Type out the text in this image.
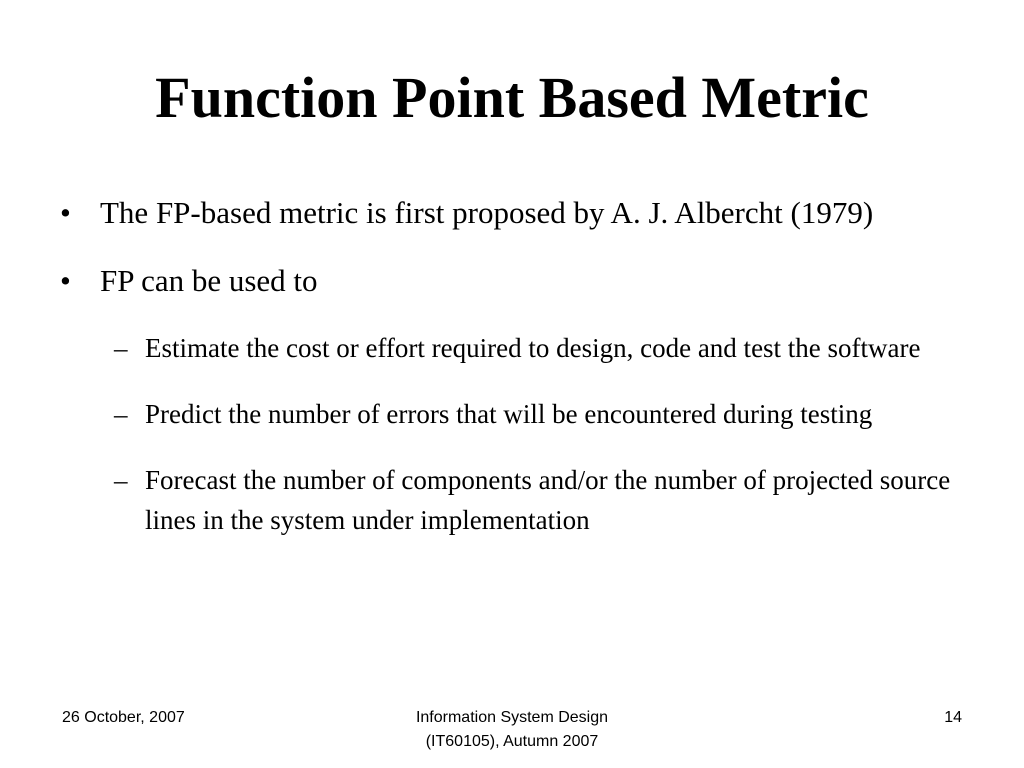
Function Point Based Metric
• The FP-based metric is first proposed by A. J. Albercht (1979)
• FP can be used to
– Estimate the cost or effort required to design, code and test the software
– Predict the number of errors that will be encountered during testing
– Forecast the number of components and/or the number of projected source lines in the system under implementation
26 October, 2007	Information System Design
(IT60105), Autumn 2007
14
